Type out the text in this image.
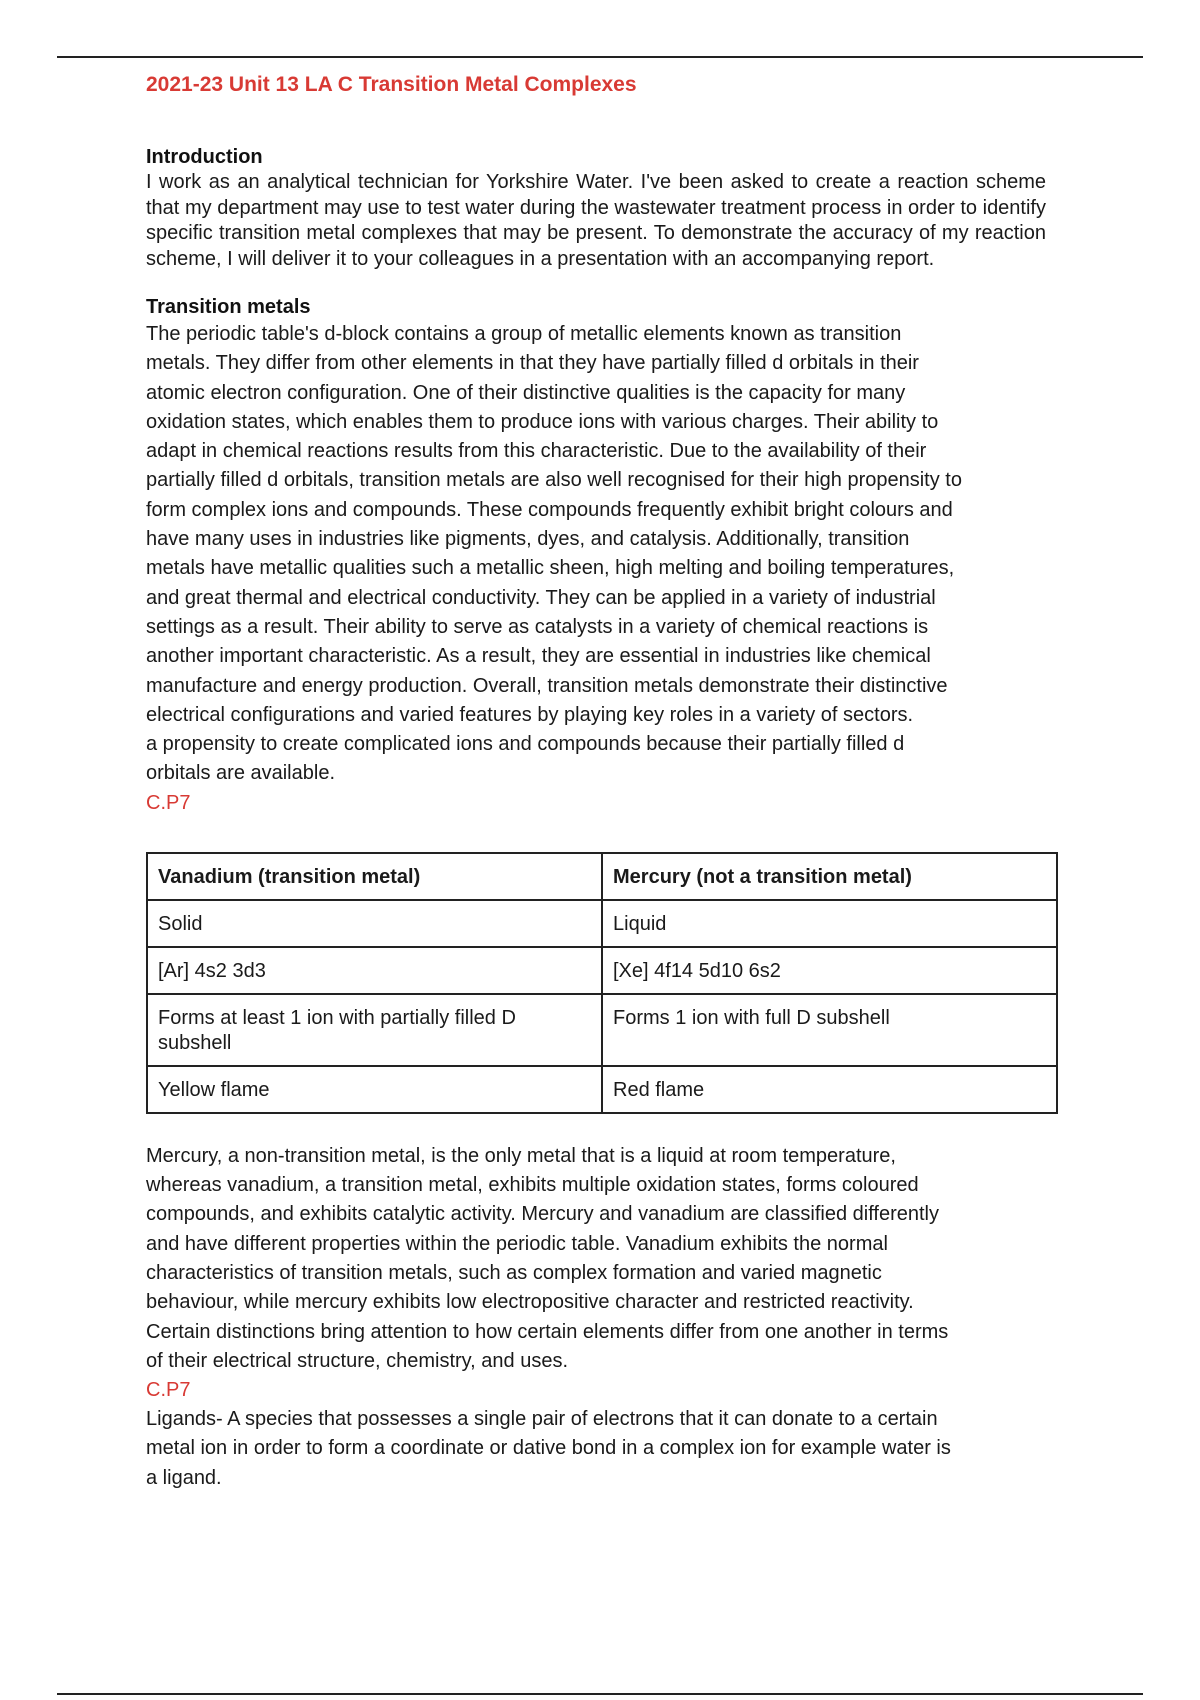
2021-23 Unit 13 LA C Transition Metal Complexes
Introduction

I work as an analytical technician for Yorkshire Water. I've been asked to create a reaction scheme that my department may use to test water during the wastewater treatment process in order to identify specific transition metal complexes that may be present. To demonstrate the accuracy of my reaction scheme, I will deliver it to your colleagues in a presentation with an accompanying report.

Transition metals

The periodic table's d-block contains a group of metallic elements known as transition

metals. They differ from other elements in that they have partially filled d orbitals in their

atomic electron configuration. One of their distinctive qualities is the capacity for many

oxidation states, which enables them to produce ions with various charges. Their ability to

adapt in chemical reactions results from this characteristic. Due to the availability of their

partially filled d orbitals, transition metals are also well recognised for their high propensity to

form complex ions and compounds. These compounds frequently exhibit bright colours and

have many uses in industries like pigments, dyes, and catalysis. Additionally, transition

metals have metallic qualities such a metallic sheen, high melting and boiling temperatures,

and great thermal and electrical conductivity. They can be applied in a variety of industrial

settings as a result. Their ability to serve as catalysts in a variety of chemical reactions is

another important characteristic. As a result, they are essential in industries like chemical

manufacture and energy production. Overall, transition metals demonstrate their distinctive

electrical configurations and varied features by playing key roles in a variety of sectors.

a propensity to create complicated ions and compounds because their partially filled d

orbitals are available.

C.P7

Vanadium (transition metal)	Mercury (not a transition metal)
Solid	Liquid
[Ar] 4s2 3d3	[Xe] 4f14 5d10 6s2
Forms at least 1 ion with partially filled D subshell	Forms 1 ion with full D subshell
Yellow flame	Red flame

Mercury, a non-transition metal, is the only metal that is a liquid at room temperature,

whereas vanadium, a transition metal, exhibits multiple oxidation states, forms coloured

compounds, and exhibits catalytic activity. Mercury and vanadium are classified differently

and have different properties within the periodic table. Vanadium exhibits the normal

characteristics of transition metals, such as complex formation and varied magnetic

behaviour, while mercury exhibits low electropositive character and restricted reactivity.

Certain distinctions bring attention to how certain elements differ from one another in terms

of their electrical structure, chemistry, and uses.

C.P7

Ligands- A species that possesses a single pair of electrons that it can donate to a certain

metal ion in order to form a coordinate or dative bond in a complex ion for example water is

a ligand.
